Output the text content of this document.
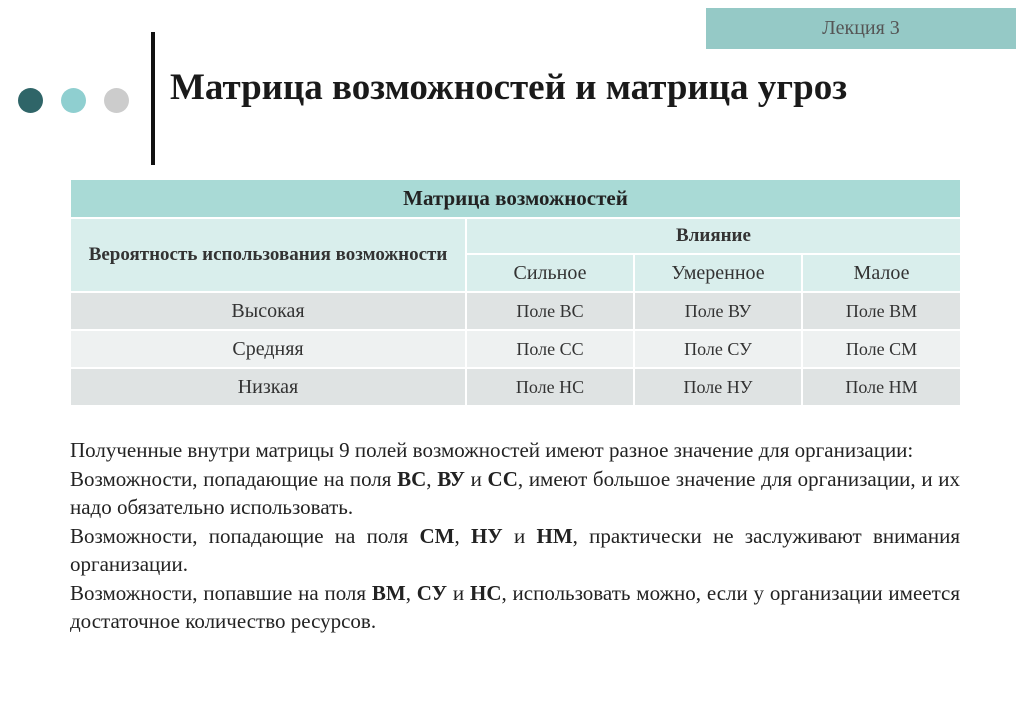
Лекция 3
Матрица возможностей и матрица угроз
Матрица возможностей			
Вероятность использования возможности	Влияние		
	Сильное	Умеренное	Малое
Высокая	Поле ВС	Поле ВУ	Поле ВМ
Средняя	Поле СС	Поле СУ	Поле СМ
Низкая	Поле НС	Поле НУ	Поле НМ

Полученные внутри матрицы 9 полей возможностей имеют разное значение для организации:

Возможности, попадающие на поля ВС, ВУ и СС, имеют большое значение для организации, и их надо обязательно использовать.

Возможности, попадающие на поля СМ, НУ и НМ, практически не заслуживают внимания организации.

Возможности, попавшие на поля ВМ, СУ и НС, использовать можно, если у организации имеется достаточное количество ресурсов.
